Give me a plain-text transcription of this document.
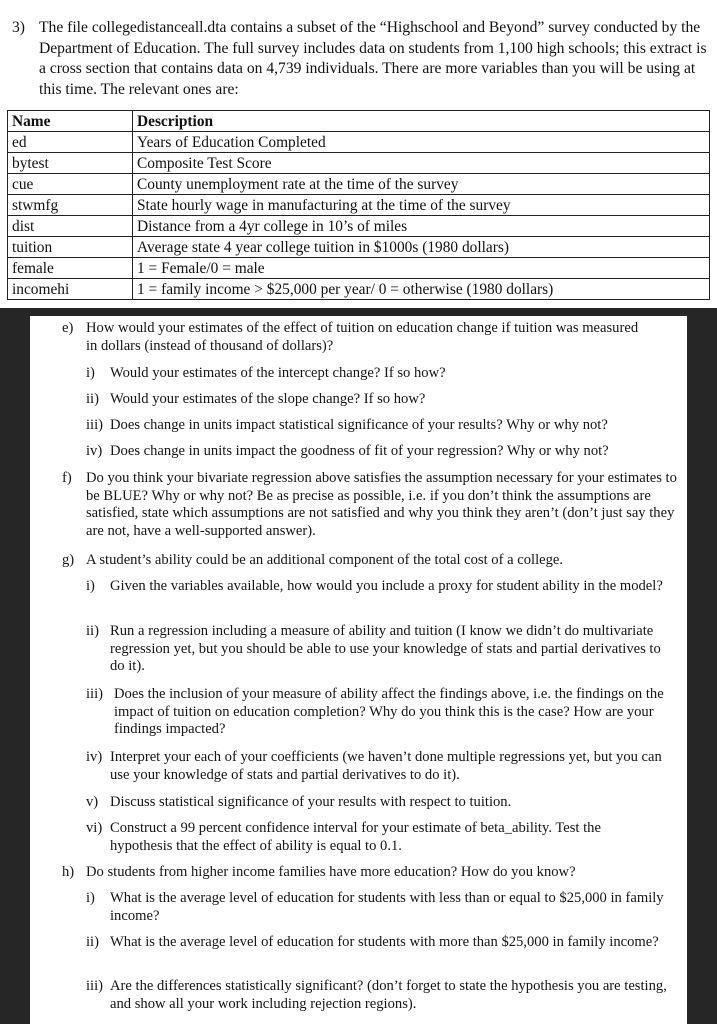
3) The file collegedistanceall.dta contains a subset of the “Highschool and Beyond” survey conducted by the Department of Education. The full survey includes data on students from 1,100 high schools; this extract is a cross section that contains data on 4,739 individuals. There are more variables than you will be using at this time. The relevant ones are:
Name	Description
ed	Years of Education Completed
bytest	Composite Test Score
cue	County unemployment rate at the time of the survey
stwmfg	State hourly wage in manufacturing at the time of the survey
dist	Distance from a 4yr college in 10’s of miles
tuition	Average state 4 year college tuition in $1000s (1980 dollars)
female	1 = Female/0 = male
incomehi	1 = family income > $25,000 per year/ 0 = otherwise (1980 dollars)
e) How would your estimates of the effect of tuition on education change if tuition was measured in dollars (instead of thousand of dollars)?
i) Would your estimates of the intercept change? If so how?
ii) Would your estimates of the slope change? If so how?
iii) Does change in units impact statistical significance of your results? Why or why not?
iv) Does change in units impact the goodness of fit of your regression? Why or why not?
f) Do you think your bivariate regression above satisfies the assumption necessary for your estimates to be BLUE? Why or why not? Be as precise as possible, i.e. if you don’t think the assumptions are satisfied, state which assumptions are not satisfied and why you think they aren’t (don’t just say they are not, have a well-supported answer).
g) A student’s ability could be an additional component of the total cost of a college.
i) Given the variables available, how would you include a proxy for student ability in the model?
ii) Run a regression including a measure of ability and tuition (I know we didn’t do multivariate regression yet, but you should be able to use your knowledge of stats and partial derivatives to do it).
iii) Does the inclusion of your measure of ability affect the findings above, i.e. the findings on the impact of tuition on education completion? Why do you think this is the case? How are your findings impacted?
iv) Interpret your each of your coefficients (we haven’t done multiple regressions yet, but you can use your knowledge of stats and partial derivatives to do it).
v) Discuss statistical significance of your results with respect to tuition.
vi) Construct a 99 percent confidence interval for your estimate of beta_ability. Test the hypothesis that the effect of ability is equal to 0.1.
h) Do students from higher income families have more education? How do you know?
i) What is the average level of education for students with less than or equal to $25,000 in family income?
ii) What is the average level of education for students with more than $25,000 in family income?
iii) Are the differences statistically significant? (don’t forget to state the hypothesis you are testing, and show all your work including rejection regions).
